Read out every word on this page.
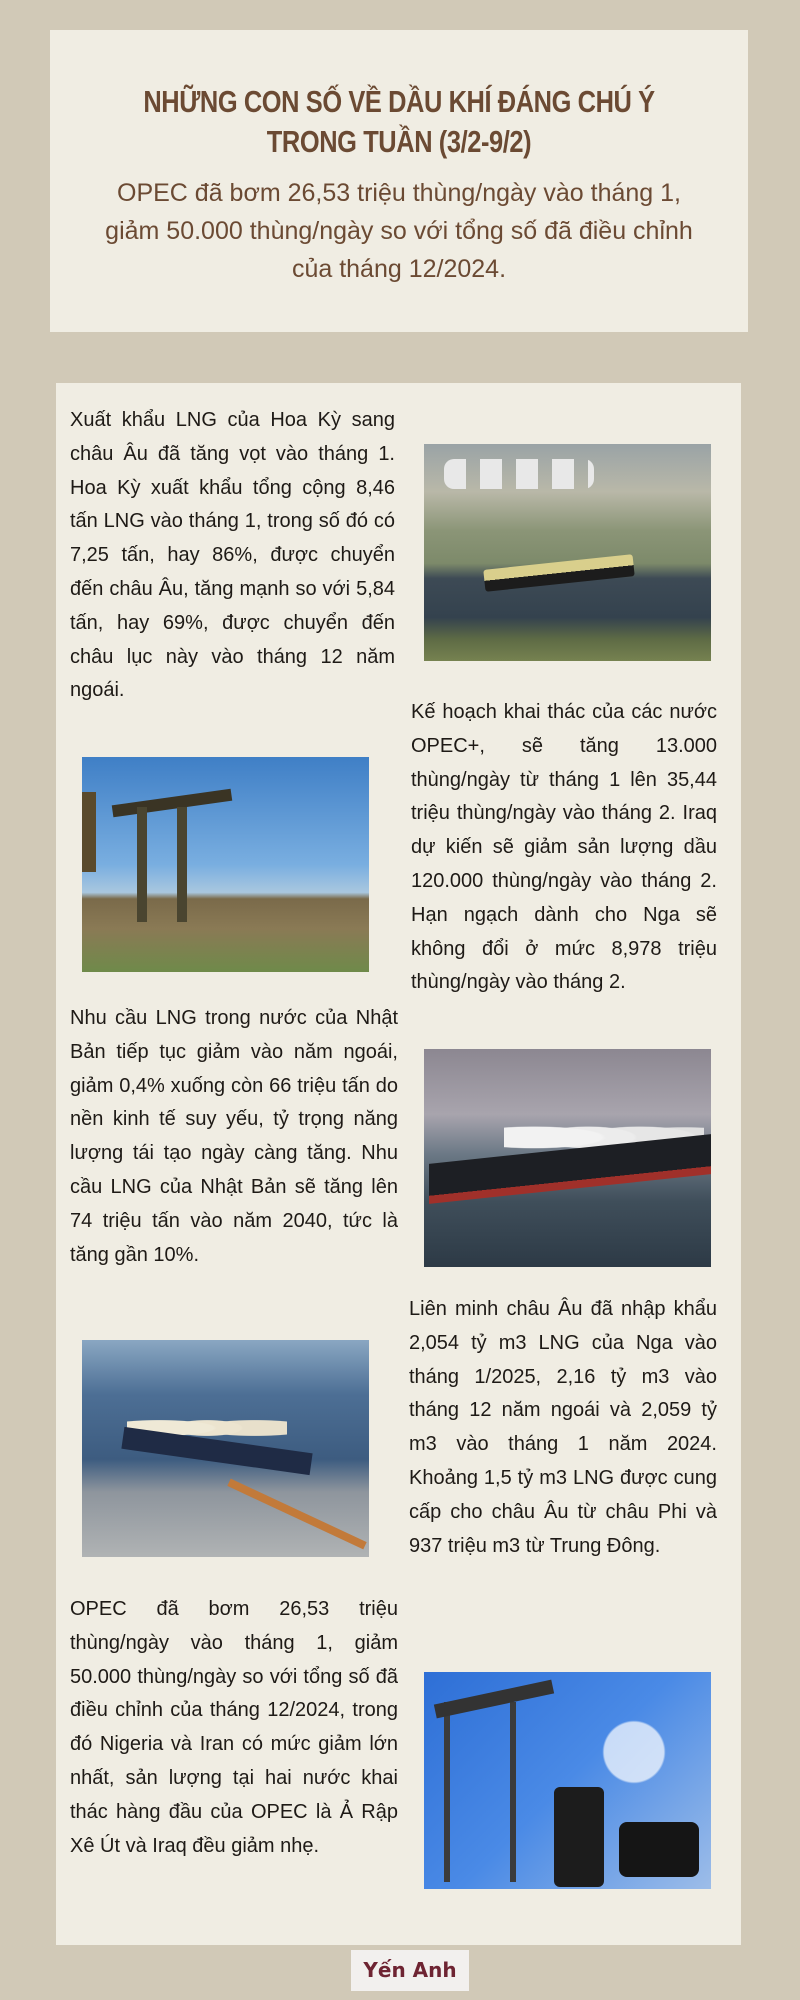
NHỮNG CON SỐ VỀ DẦU KHÍ ĐÁNG CHÚ Ý TRONG TUẦN (3/2-9/2)
OPEC đã bơm 26,53 triệu thùng/ngày vào tháng 1, giảm 50.000 thùng/ngày so với tổng số đã điều chỉnh của tháng 12/2024.
Xuất khẩu LNG của Hoa Kỳ sang châu Âu đã tăng vọt vào tháng 1. Hoa Kỳ xuất khẩu tổng cộng 8,46 tấn LNG vào tháng 1, trong số đó có 7,25 tấn, hay 86%, được chuyển đến châu Âu, tăng mạnh so với 5,84 tấn, hay 69%, được chuyển đến châu lục này vào tháng 12 năm ngoái.
Kế hoạch khai thác của các nước OPEC+, sẽ tăng 13.000 thùng/ngày từ tháng 1 lên 35,44 triệu thùng/ngày vào tháng 2. Iraq dự kiến sẽ giảm sản lượng dầu 120.000 thùng/ngày vào tháng 2. Hạn ngạch dành cho Nga sẽ không đổi ở mức 8,978 triệu thùng/ngày vào tháng 2.
Nhu cầu LNG trong nước của Nhật Bản tiếp tục giảm vào năm ngoái, giảm 0,4% xuống còn 66 triệu tấn do nền kinh tế suy yếu, tỷ trọng năng lượng tái tạo ngày càng tăng. Nhu cầu LNG của Nhật Bản sẽ tăng lên 74 triệu tấn vào năm 2040, tức là tăng gần 10%.
Liên minh châu Âu đã nhập khẩu 2,054 tỷ m3 LNG của Nga vào tháng 1/2025, 2,16 tỷ m3 vào tháng 12 năm ngoái và 2,059 tỷ m3 vào tháng 1 năm 2024. Khoảng 1,5 tỷ m3 LNG được cung cấp cho châu Âu từ châu Phi và 937 triệu m3 từ Trung Đông.
OPEC đã bơm 26,53 triệu thùng/ngày vào tháng 1, giảm 50.000 thùng/ngày so với tổng số đã điều chỉnh của tháng 12/2024, trong đó Nigeria và Iran có mức giảm lớn nhất, sản lượng tại hai nước khai thác hàng đầu của OPEC là Ả Rập Xê Út và Iraq đều giảm nhẹ.
Yến Anh
